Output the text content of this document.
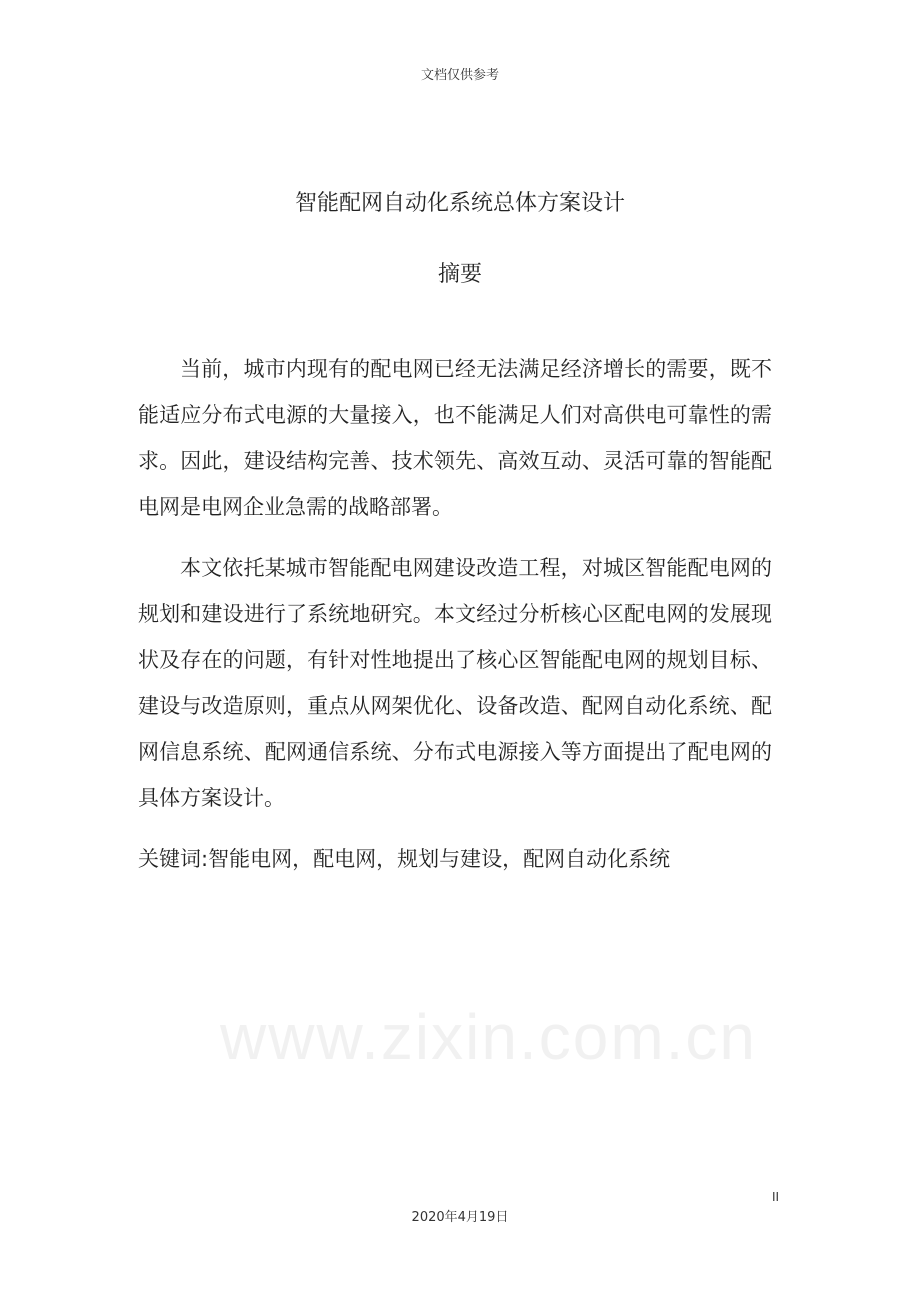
文档仅供参考
智能配网自动化系统总体方案设计
摘要

当前，城市内现有的配电网已经无法满足经济增长的需要，既不能适应分布式电源的大量接入，也不能满足人们对高供电可靠性的需求。因此，建设结构完善、技术领先、高效互动、灵活可靠的智能配电网是电网企业急需的战略部署。

本文依托某城市智能配电网建设改造工程，对城区智能配电网的规划和建设进行了系统地研究。本文经过分析核心区配电网的发展现状及存在的问题，有针对性地提出了核心区智能配电网的规划目标、建设与改造原则，重点从网架优化、设备改造、配网自动化系统、配网信息系统、配网通信系统、分布式电源接入等方面提出了配电网的具体方案设计。

关键词:智能电网，配电网，规划与建设，配网自动化系统

www.zixin.com.cn
II
2020年4月19日
